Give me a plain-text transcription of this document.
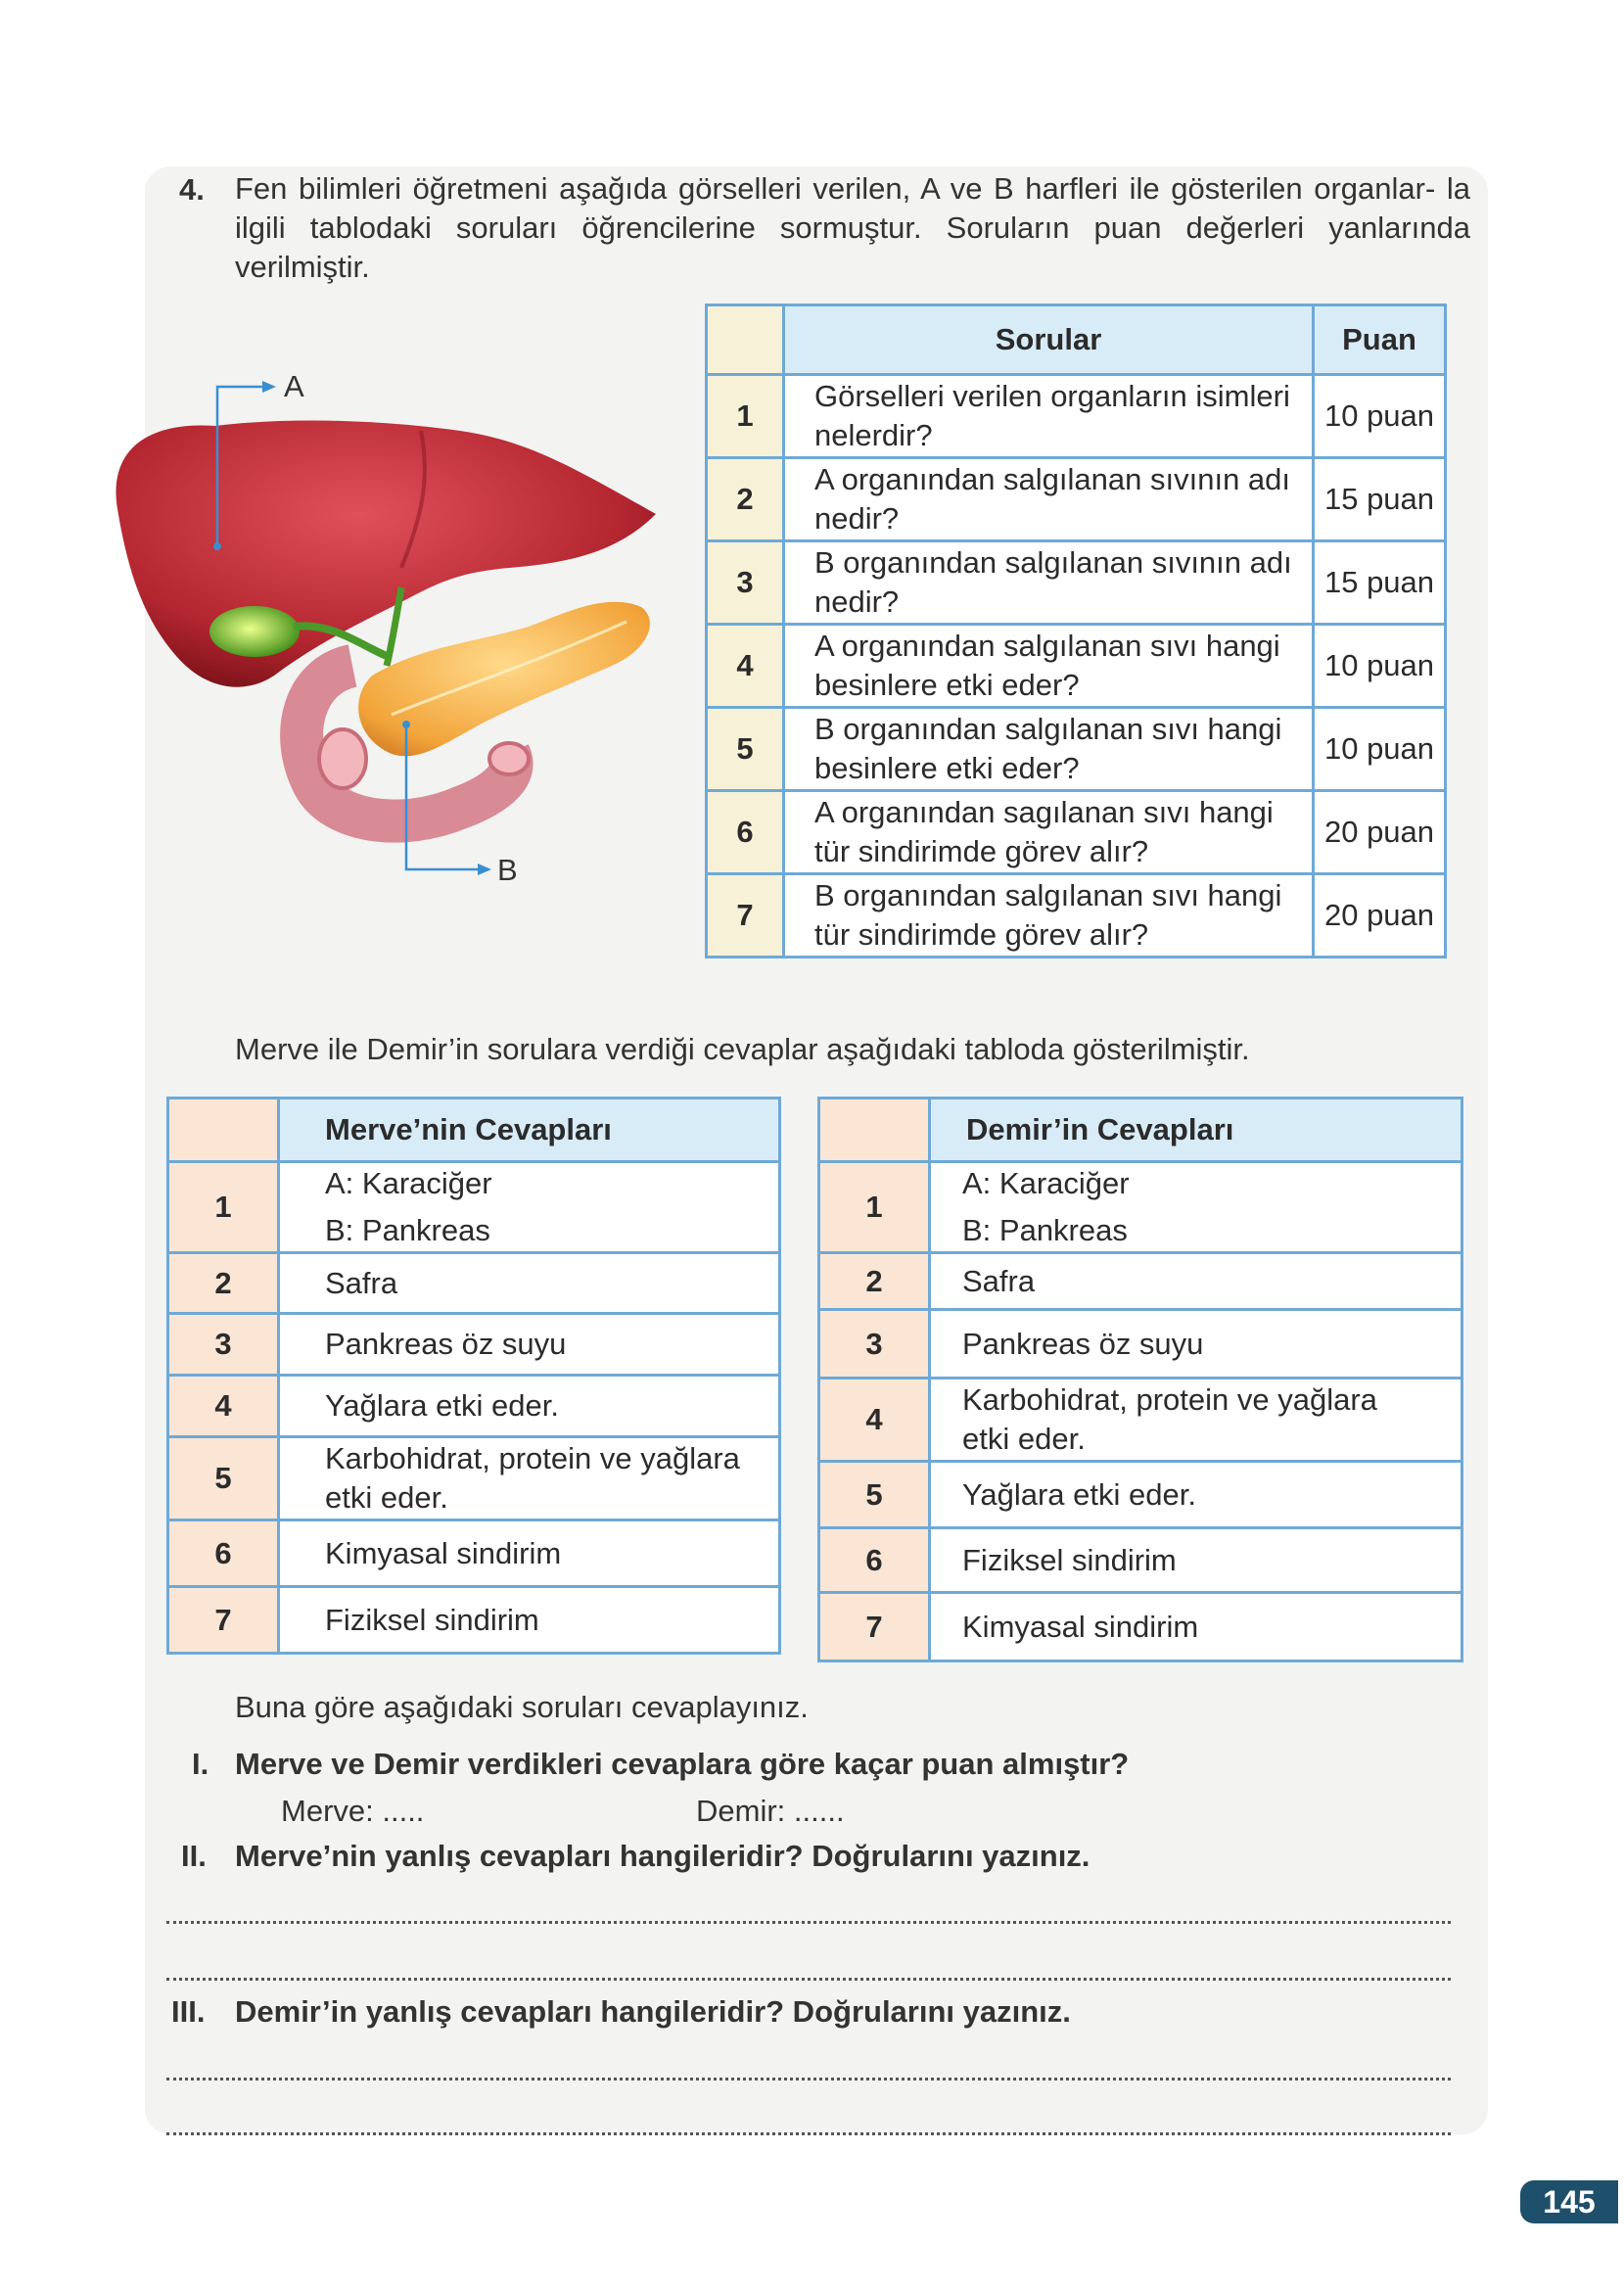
4. Fen bilimleri öğretmeni aşağıda görselleri verilen, A ve B harfleri ile gösterilen organlar- la ilgili tablodaki soruları öğrencilerine sormuştur. Soruların puan değerleri yanlarında verilmiştir.
A
B
	Sorular	Puan
1	Görselleri verilen organların isimleri nelerdir?	10 puan
2	A organından salgılanan sıvının adı nedir?	15 puan
3	B organından salgılanan sıvının adı nedir?	15 puan
4	A organından salgılanan sıvı hangi besinlere etki eder?	10 puan
5	B organından salgılanan sıvı hangi besinlere etki eder?	10 puan
6	A organından sagılanan sıvı hangi tür sindirimde görev alır?	20 puan
7	B organından salgılanan sıvı hangi tür sindirimde görev alır?	20 puan
Merve ile Demir’in sorulara verdiği cevaplar aşağıdaki tabloda gösterilmiştir.
	Merve’nin Cevapları
1	A: Karaciğer
B: Pankreas

2	Safra
3	Pankreas öz suyu
4	Yağlara etki eder.
5	Karbohidrat, protein ve yağlara
etki eder.

6	Kimyasal sindirim
7	Fiziksel sindirim
	Demir’in Cevapları
1	A: Karaciğer
B: Pankreas

2	Safra
3	Pankreas öz suyu
4	Karbohidrat, protein ve yağlara
etki eder.

5	Yağlara etki eder.
6	Fiziksel sindirim
7	Kimyasal sindirim
Buna göre aşağıdaki soruları cevaplayınız.
I. Merve ve Demir verdikleri cevaplara göre kaçar puan almıştır?
Merve: .....	Demir: ......
II. Merve’nin yanlış cevapları hangileridir? Doğrularını yazınız.
III. Demir’in yanlış cevapları hangileridir? Doğrularını yazınız.
145
